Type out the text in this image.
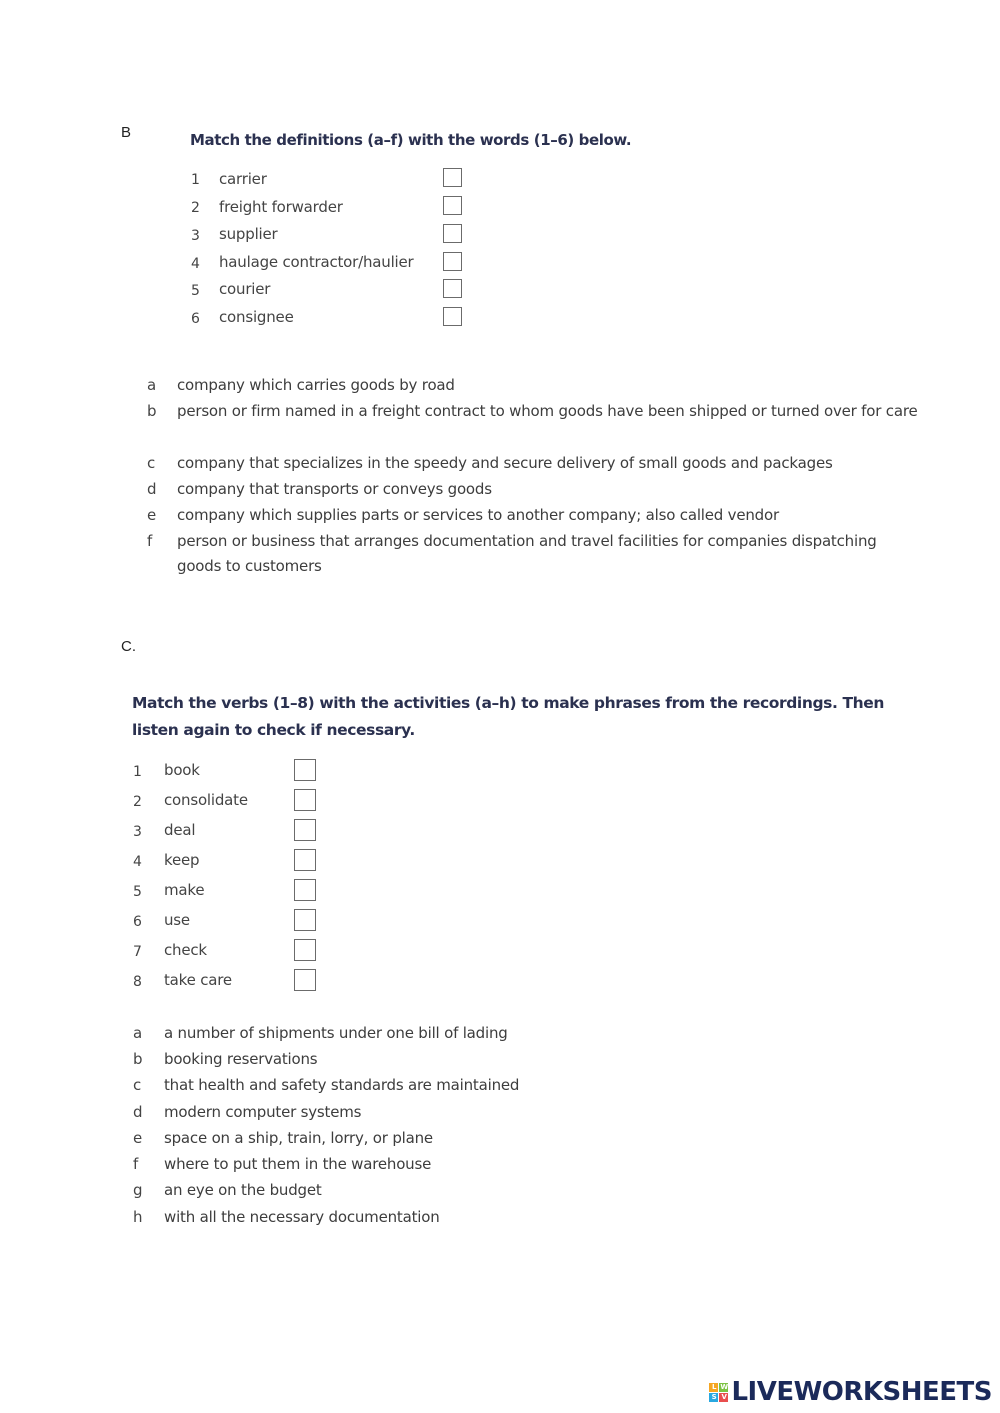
B	Match the definitions (a–f) with the words (1–6) below.
1	carrier
2	freight forwarder
3	supplier
4	haulage contractor/haulier
5	courier
6	consignee
a company which carries goods by road
b person or firm named in a freight contract to whom goods have been shipped or turned over for care
c company that specializes in the speedy and secure delivery of small goods and packages
d company that transports or conveys goods
e company which supplies parts or services to another company; also called vendor
f person or business that arranges documentation and travel facilities for companies dispatching goods to customers
C.
Match the verbs (1–8) with the activities (a–h) to make phrases from the recordings. Then listen again to check if necessary.
1	book
2	consolidate
3	deal
4	keep
5	make
6	use
7	check
8	take care
a a number of shipments under one bill of lading
b booking reservations
c that health and safety standards are maintained
d modern computer systems
e space on a ship, train, lorry, or plane
f where to put them in the warehouse
g an eye on the budget
h with all the necessary documentation
L W
S V LIVEWORKSHEETS
